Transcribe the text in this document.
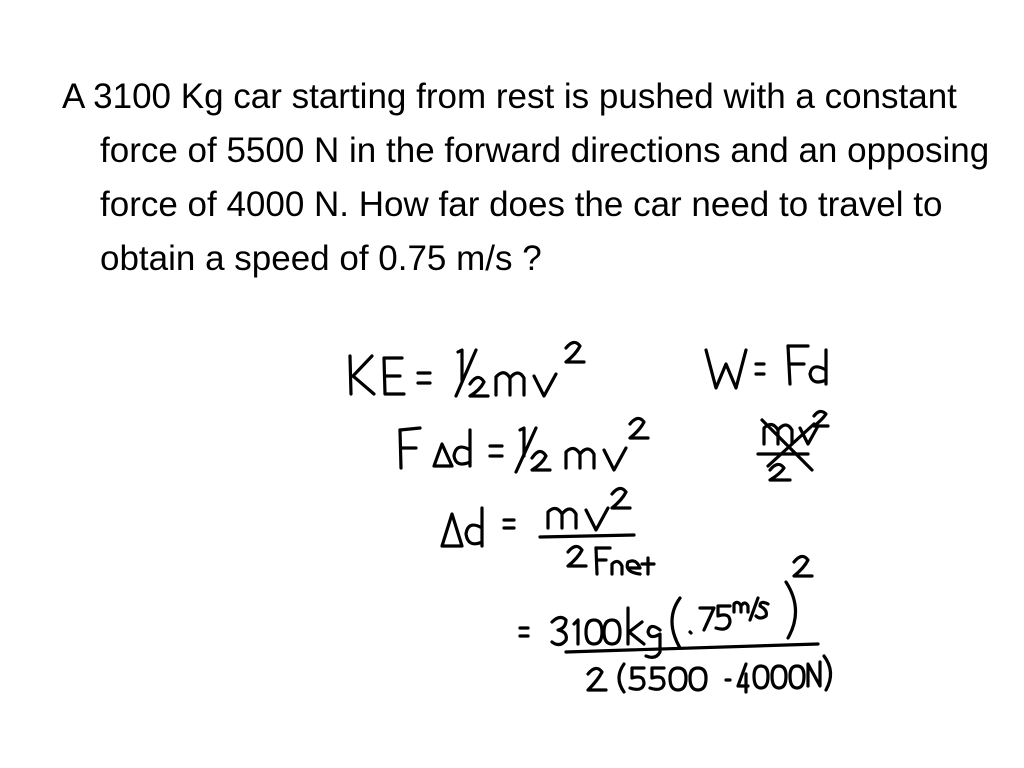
A 3100 Kg car starting from rest is pushed with a constant force of 5500 N in the forward directions and an opposing force of 4000 N. How far does the car need to travel to obtain a speed of 0.75 m/s ?
